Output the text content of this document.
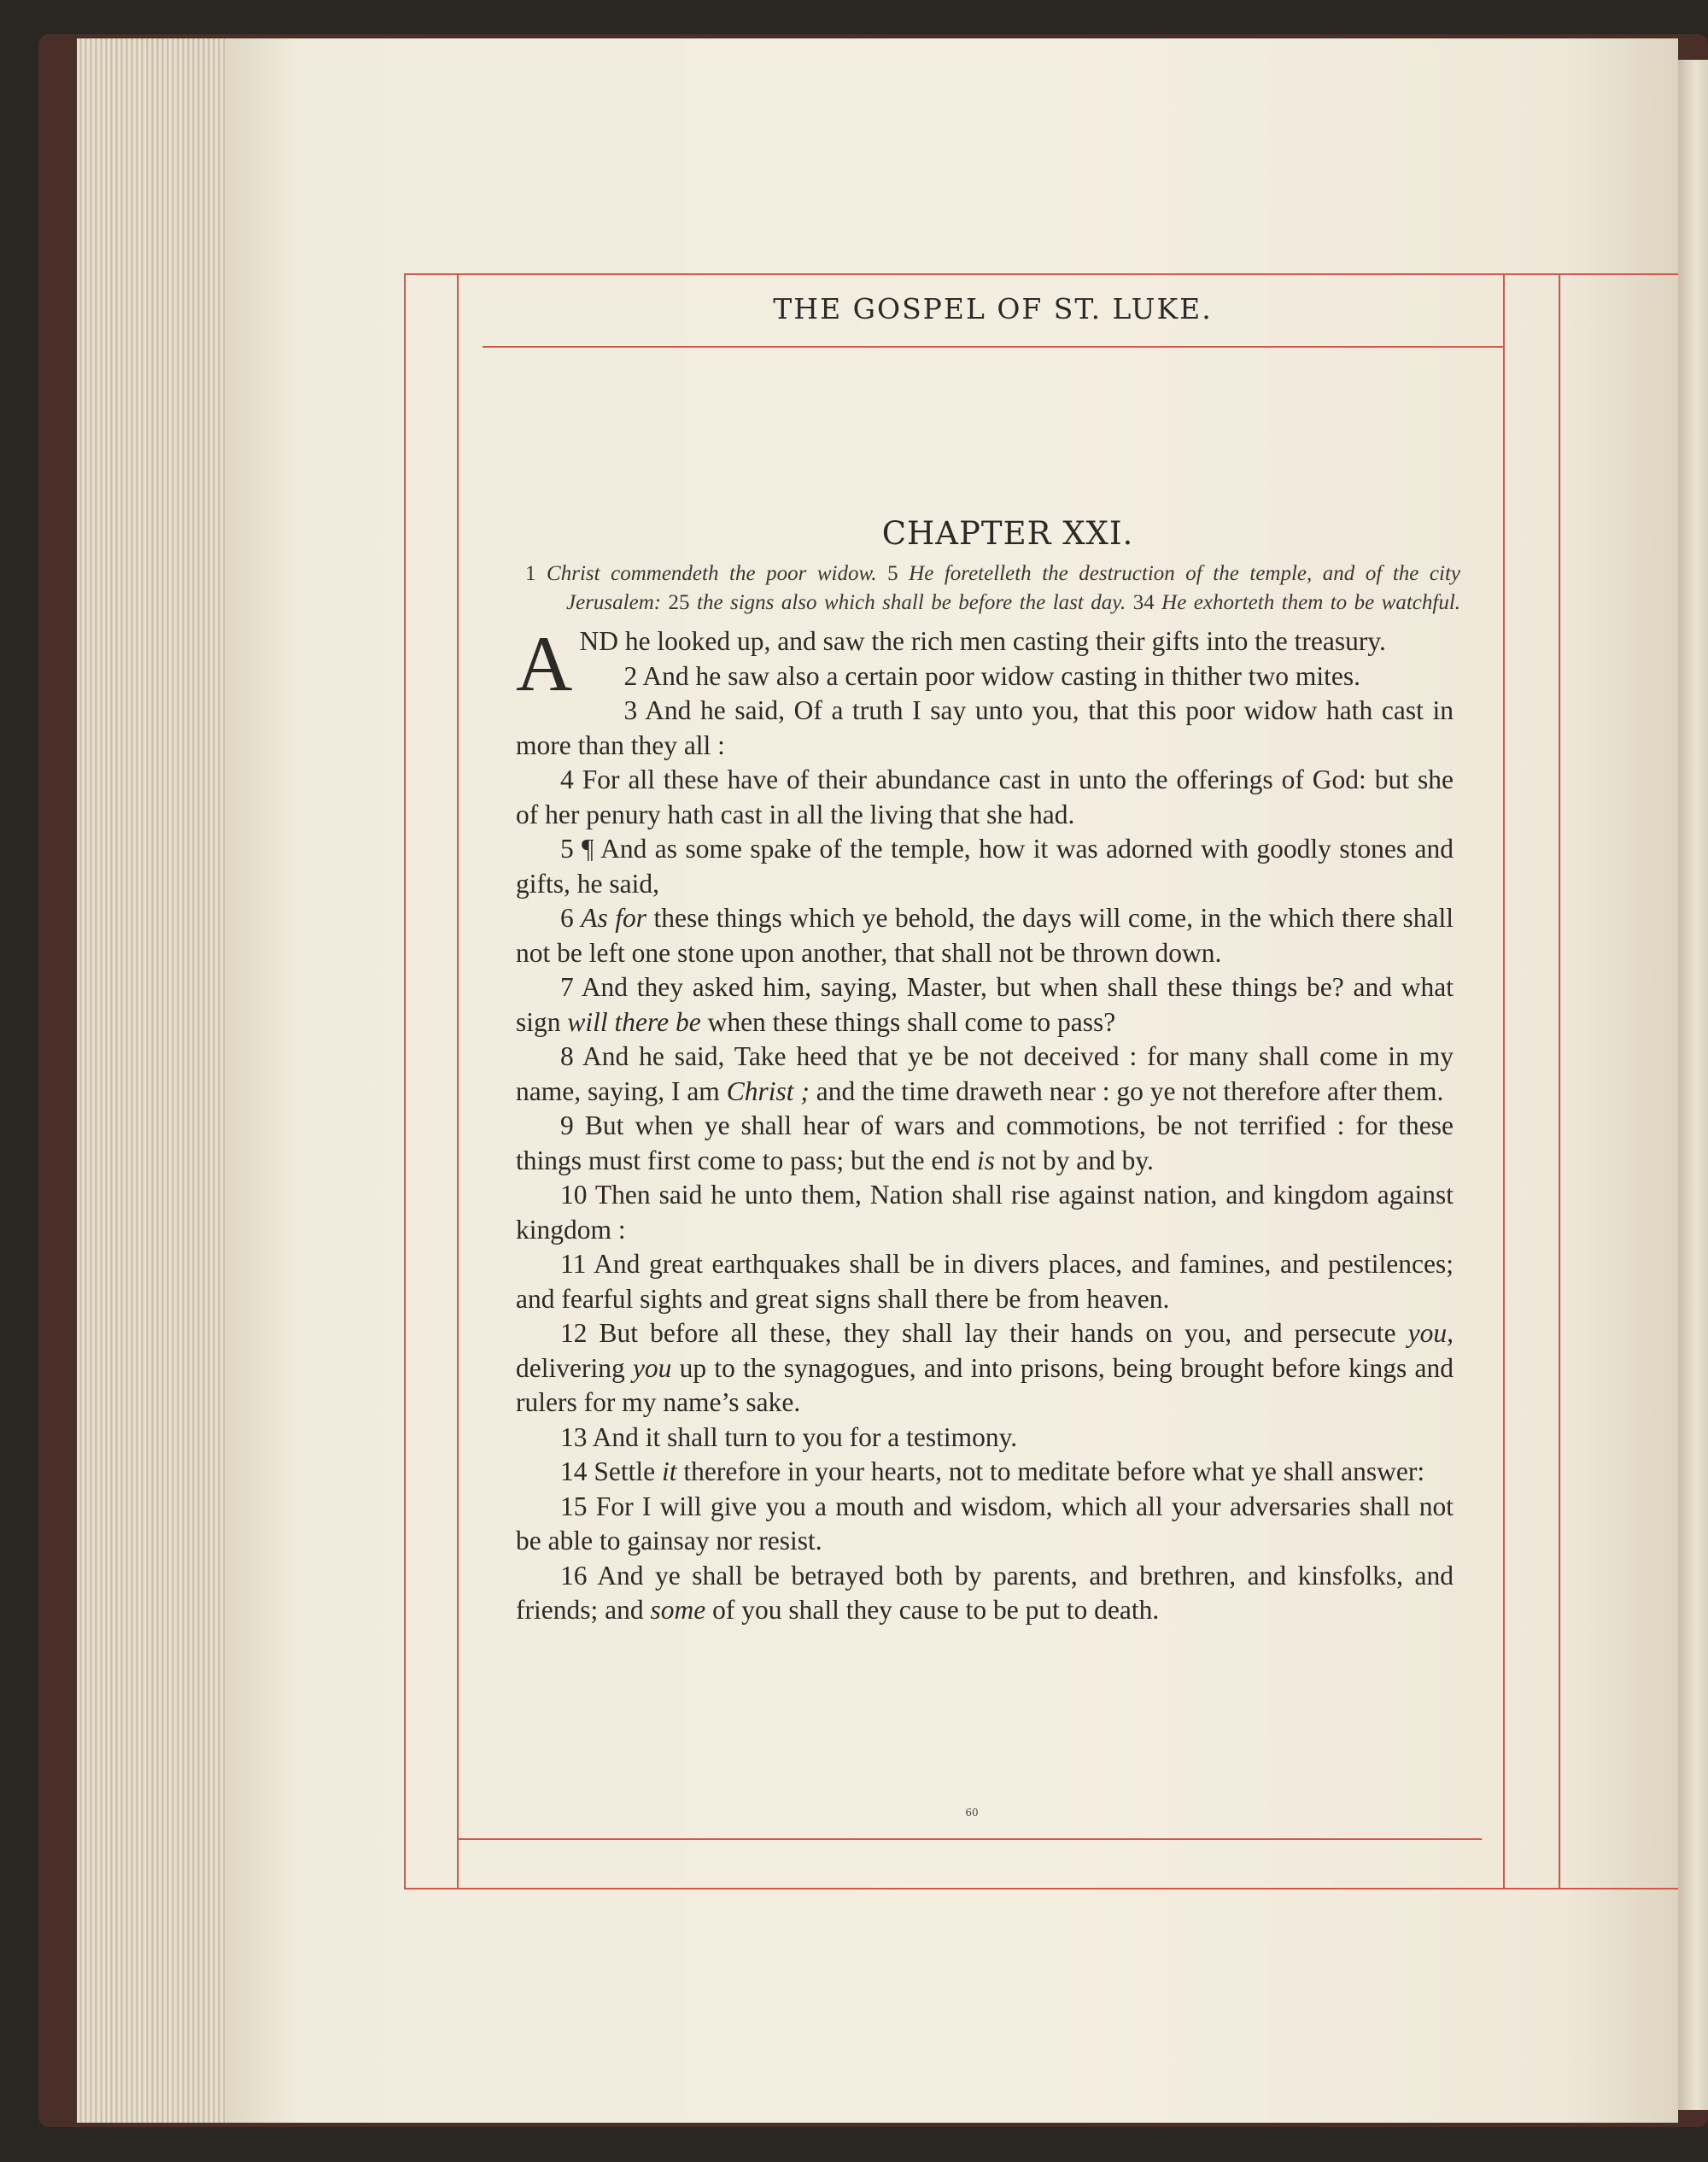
THE GOSPEL OF ST. LUKE.
CHAPTER XXI.

1 Christ commendeth the poor widow. 5 He foretelleth the destruction of the temple, and of the city

Jerusalem: 25 the signs also which shall be before the last day. 34 He exhorteth them to be watchful.

AND he looked up, and saw the rich men casting their gifts into the treasury.

2 And he saw also a certain poor widow casting in thither two mites.

3 And he said, Of a truth I say unto you, that this poor widow hath cast in more than they all :

4 For all these have of their abundance cast in unto the offerings of God: but she of her penury hath cast in all the living that she had.

5 ¶ And as some spake of the temple, how it was adorned with goodly stones and gifts, he said,

6 As for these things which ye behold, the days will come, in the which there shall not be left one stone upon another, that shall not be thrown down.

7 And they asked him, saying, Master, but when shall these things be? and what sign will there be when these things shall come to pass?

8 And he said, Take heed that ye be not deceived : for many shall come in my name, saying, I am Christ ; and the time draweth near : go ye not therefore after them.

9 But when ye shall hear of wars and commotions, be not terrified : for these things must first come to pass; but the end is not by and by.

10 Then said he unto them, Nation shall rise against nation, and kingdom against kingdom :

11 And great earthquakes shall be in divers places, and famines, and pestilences; and fearful sights and great signs shall there be from heaven.

12 But before all these, they shall lay their hands on you, and persecute you, delivering you up to the synagogues, and into prisons, being brought before kings and rulers for my name’s sake.

13 And it shall turn to you for a testimony.

14 Settle it therefore in your hearts, not to meditate before what ye shall answer:

15 For I will give you a mouth and wisdom, which all your adversaries shall not be able to gainsay nor resist.

16 And ye shall be betrayed both by parents, and brethren, and kinsfolks, and friends; and some of you shall they cause to be put to death.

60
